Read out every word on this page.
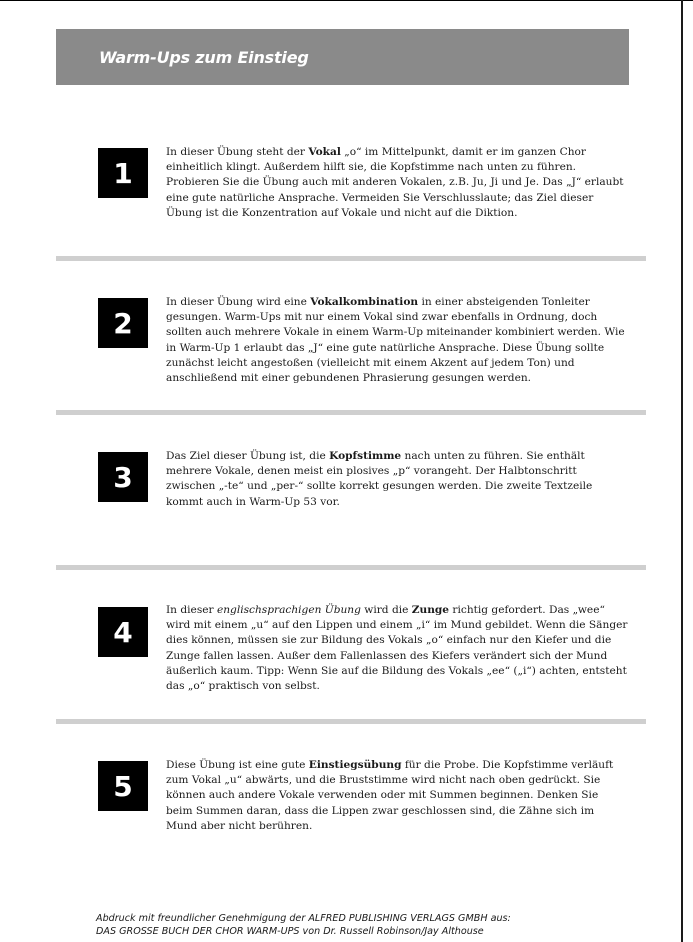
Warm-Ups zum Einstieg
1

In dieser Übung steht der Vokal „o“ im Mittelpunkt, damit er im ganzen Chor einheitlich klingt. Außerdem hilft sie, die Kopfstimme nach unten zu führen. Probieren Sie die Übung auch mit anderen Vokalen, z.B. Ju, Ji und Je. Das „J“ erlaubt eine gute natürliche Ansprache. Vermeiden Sie Verschlusslaute; das Ziel dieser Übung ist die Konzentration auf Vokale und nicht auf die Diktion.

2

In dieser Übung wird eine Vokalkombination in einer absteigenden Tonleiter gesungen. Warm-Ups mit nur einem Vokal sind zwar ebenfalls in Ordnung, doch sollten auch mehrere Vokale in einem Warm-Up miteinander kombiniert werden. Wie in Warm-Up 1 erlaubt das „J“ eine gute natürliche Ansprache. Diese Übung sollte zunächst leicht angestoßen (vielleicht mit einem Akzent auf jedem Ton) und anschließend mit einer gebundenen Phrasierung gesungen werden.

3

Das Ziel dieser Übung ist, die Kopfstimme nach unten zu führen. Sie enthält mehrere Vokale, denen meist ein plosives „p“ vorangeht. Der Halbtonschritt zwischen „-te“ und „per-“ sollte korrekt gesungen werden. Die zweite Textzeile kommt auch in Warm-Up 53 vor.

4

In dieser englischsprachigen Übung wird die Zunge richtig gefordert. Das „wee“ wird mit einem „u“ auf den Lippen und einem „i“ im Mund gebildet. Wenn die Sänger dies können, müssen sie zur Bildung des Vokals „o“ einfach nur den Kiefer und die Zunge fallen lassen. Außer dem Fallenlassen des Kiefers verändert sich der Mund äußerlich kaum. Tipp: Wenn Sie auf die Bildung des Vokals „ee“ („i“) achten, entsteht das „o“ praktisch von selbst.

5

Diese Übung ist eine gute Einstiegsübung für die Probe. Die Kopfstimme verläuft zum Vokal „u“ abwärts, und die Bruststimme wird nicht nach oben gedrückt. Sie können auch andere Vokale verwenden oder mit Summen beginnen. Denken Sie beim Summen daran, dass die Lippen zwar geschlossen sind, die Zähne sich im Mund aber nicht berühren.

Abdruck mit freundlicher Genehmigung der ALFRED PUBLISHING VERLAGS GMBH aus:
DAS GROSSE BUCH DER CHOR WARM-UPS von Dr. Russell Robinson/Jay Althouse
